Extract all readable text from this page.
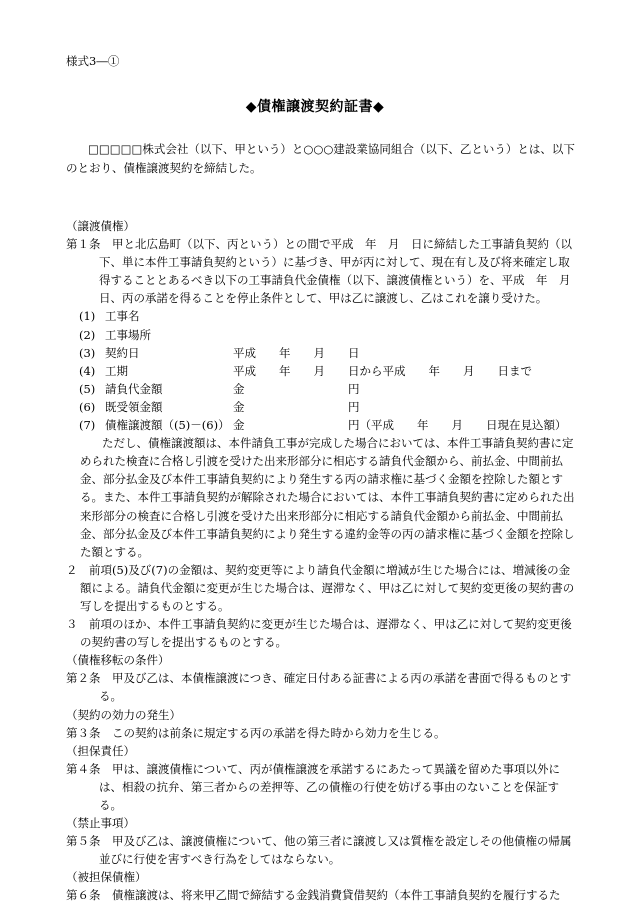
様式3―①
◆債権譲渡契約証書◆

□□□□□株式会社（以下、甲という）と○○○建設業協同組合（以下、乙という）とは、以下のとおり、債権譲渡契約を締結した。

（譲渡債権）

第１条　甲と北広島町（以下、丙という）との間で平成　年　月　日に締結した工事請負契約（以下、単に本件工事請負契約という）に基づき、甲が丙に対して、現在有し及び将来確定し取得することとあるべき以下の工事請負代金債権（以下、譲渡債権という）を、平成　年　月　日、丙の承諾を得ることを停止条件として、甲は乙に譲渡し、乙はこれを譲り受けた。

(1) 工事名
(2) 工事場所
(3) 契約日	平成　　年　　月　　日
(4) 工期	平成　　年　　月　　日から平成　　年　　月　　日まで
(5) 請負代金額	金　　　　　　　　　円
(6) 既受領金額	金　　　　　　　　　円
(7) 債権譲渡額（(5)－(6)） 金　　　　　　　　　円（平成　　年　　月　　日現在見込額）

ただし、債権譲渡額は、本件請負工事が完成した場合においては、本件工事請負契約書に定められた検査に合格し引渡を受けた出来形部分に相応する請負代金額から、前払金、中間前払金、部分払金及び本件工事請負契約により発生する丙の請求権に基づく金額を控除した額とする。また、本件工事請負契約が解除された場合においては、本件工事請負契約書に定められた出来形部分の検査に合格し引渡を受けた出来形部分に相応する請負代金額から前払金、中間前払金、部分払金及び本件工事請負契約により発生する違約金等の丙の請求権に基づく金額を控除した額とする。

２　前項(5)及び(7)の金額は、契約変更等により請負代金額に増減が生じた場合には、増減後の金額による。請負代金額に変更が生じた場合は、遅滞なく、甲は乙に対して契約変更後の契約書の写しを提出するものとする。

３　前項のほか、本件工事請負契約に変更が生じた場合は、遅滞なく、甲は乙に対して契約変更後の契約書の写しを提出するものとする。

（債権移転の条件）

第２条　甲及び乙は、本債権譲渡につき、確定日付ある証書による丙の承諾を書面で得るものとする。

（契約の効力の発生）

第３条　この契約は前条に規定する丙の承諾を得た時から効力を生じる。

（担保責任）

第４条　甲は、譲渡債権について、丙が債権譲渡を承諾するにあたって異議を留めた事項以外には、相殺の抗弁、第三者からの差押等、乙の債権の行使を妨げる事由のないことを保証する。

（禁止事項）

第５条　甲及び乙は、譲渡債権について、他の第三者に譲渡し又は質権を設定しその他債権の帰属並びに行使を害すべき行為をしてはならない。

（被担保債権）

第６条　債権譲渡は、将来甲乙間で締結する金銭消費貸借契約（本件工事請負契約を履行するた
